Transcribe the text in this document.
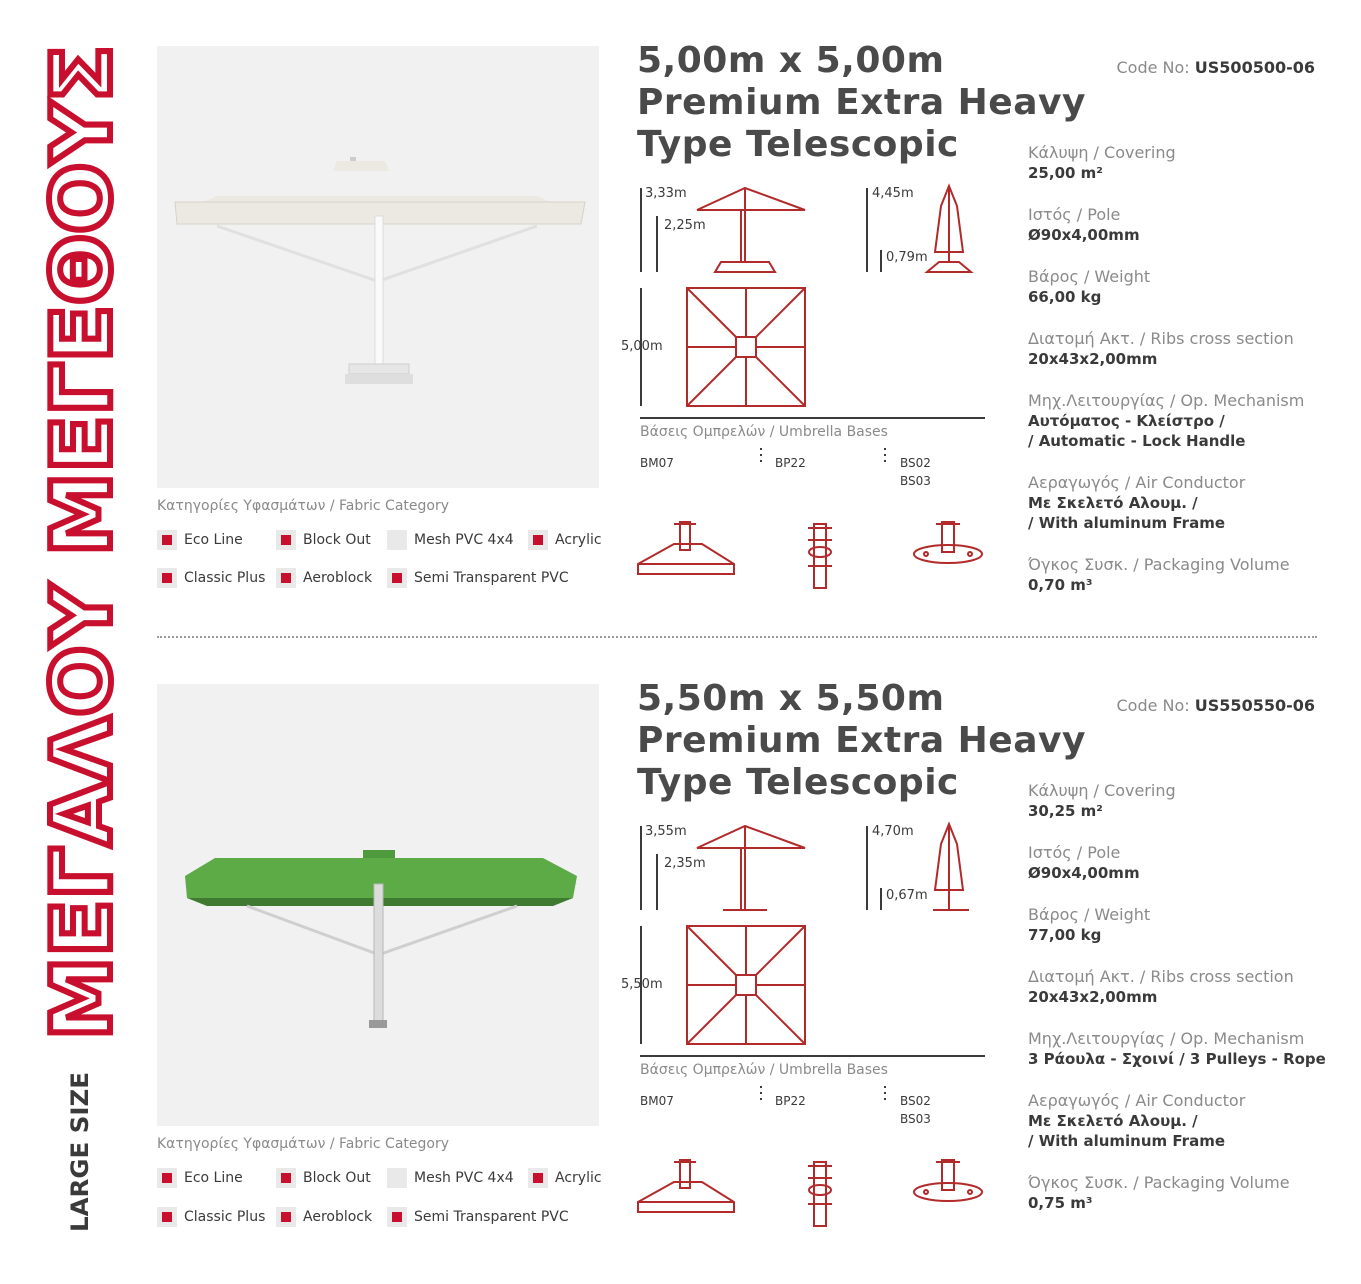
ΜΕΓΑΛΟΥ ΜΕΓΕΘΟΥΣ
LARGE SIZE
Κατηγορίες Υφασμάτων / Fabric Category
Eco Line	Block Out	Mesh PVC 4x4	Acrylic
Classic Plus	Aeroblock	Semi Transparent PVC
5,00m x 5,00m
Premium Extra Heavy
Type Telescopic
Code No: US500500-06
3,33m
2,25m
4,45m
0,79m
5,00m
Βάσεις Ομπρελών / Umbrella Bases
BM07	BP22	BS02
BS03
Κάλυψη / Covering
25,00 m²
Ιστός / Pole
Ø90x4,00mm
Βάρος / Weight
66,00 kg
Διατομή Ακτ. / Ribs cross section
20x43x2,00mm
Μηχ.Λειτουργίας / Op. Mechanism
Αυτόματος - Κλείστρο /
/ Automatic - Lock Handle
Αεραγωγός / Air Conductor
Με Σκελετό Αλουμ. /
/ With aluminum Frame
Όγκος Συσκ. / Packaging Volume
0,70 m³
Κατηγορίες Υφασμάτων / Fabric Category
Eco Line	Block Out	Mesh PVC 4x4	Acrylic
Classic Plus	Aeroblock	Semi Transparent PVC
5,50m x 5,50m
Premium Extra Heavy
Type Telescopic
Code No: US550550-06
3,55m
2,35m
4,70m
0,67m
5,50m
Βάσεις Ομπρελών / Umbrella Bases
BM07	BP22	BS02
BS03
Κάλυψη / Covering
30,25 m²
Ιστός / Pole
Ø90x4,00mm
Βάρος / Weight
77,00 kg
Διατομή Ακτ. / Ribs cross section
20x43x2,00mm
Μηχ.Λειτουργίας / Op. Mechanism
3 Ράουλα - Σχοινί / 3 Pulleys - Rope
Αεραγωγός / Air Conductor
Με Σκελετό Αλουμ. /
/ With aluminum Frame
Όγκος Συσκ. / Packaging Volume
0,75 m³
